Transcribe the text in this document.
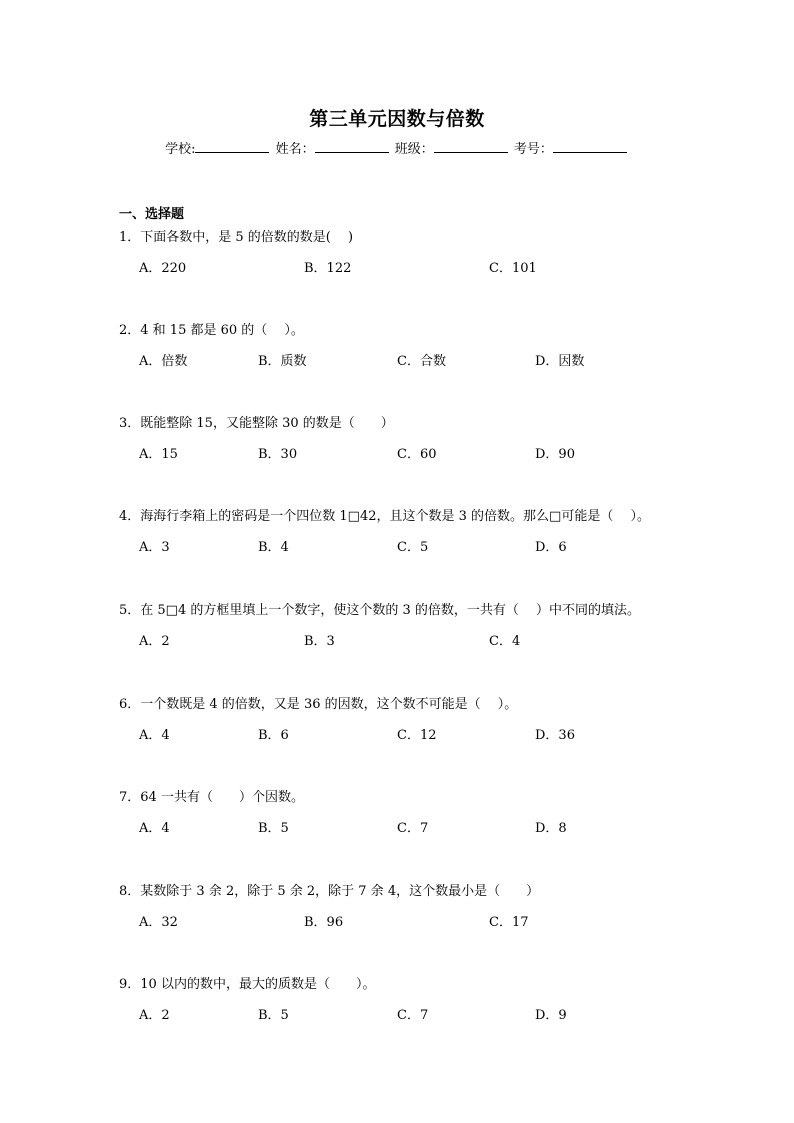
第三单元因数与倍数
学校:	姓名：	班级：	考号：
一、选择题
1．下面各数中，是 5 的倍数的数是(　 )
A．220	B．122	C．101
2．4 和 15 都是 60 的（　 ）。
A．倍数	B．质数	C．合数	D．因数
3．既能整除 15，又能整除 30 的数是（　　）
A．15	B．30	C．60	D．90
4．海海行李箱上的密码是一个四位数 1□42，且这个数是 3 的倍数。那么□可能是（　 ）。
A．3	B．4	C．5	D．6
5．在 5□4 的方框里填上一个数字，使这个数的 3 的倍数，一共有（　 ）中不同的填法。
A．2	B．3	C．4
6．一个数既是 4 的倍数，又是 36 的因数，这个数不可能是（　 ）。
A．4	B．6	C．12	D．36
7．64 一共有（　　）个因数。
A．4	B．5	C．7	D．8
8．某数除于 3 余 2，除于 5 余 2，除于 7 余 4，这个数最小是（　　）
A．32	B．96	C．17
9．10 以内的数中，最大的质数是（　　）。
A．2	B．5	C．7	D．9
